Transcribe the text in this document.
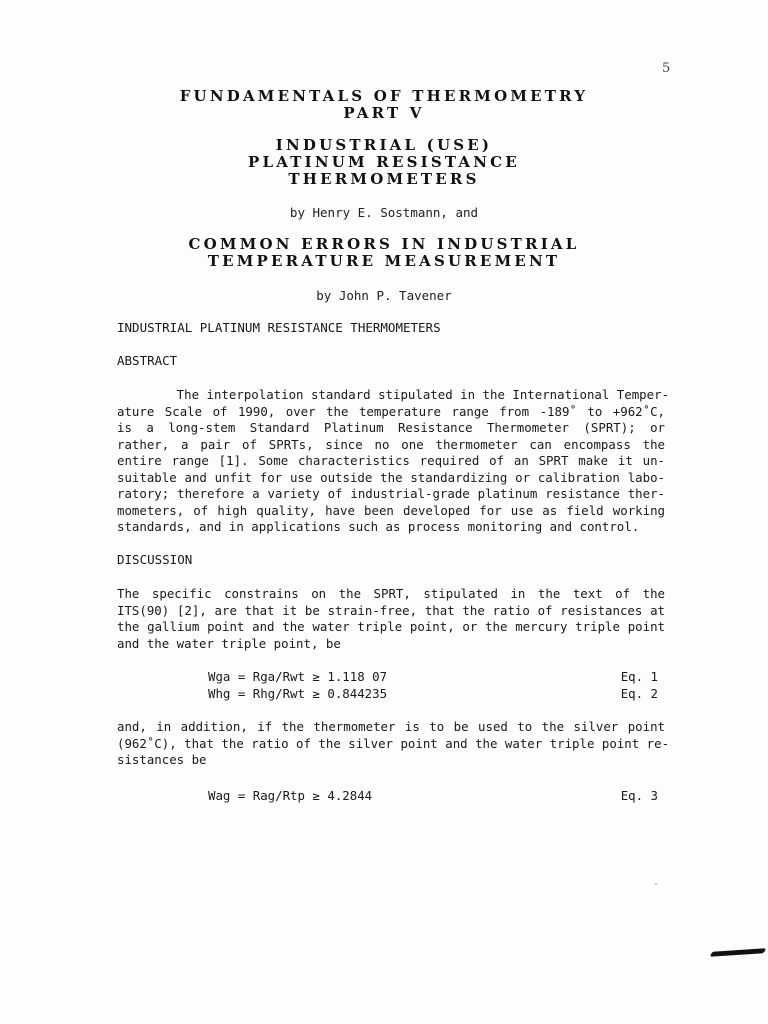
5
FUNDAMENTALS OF THERMOMETRY
PART V
INDUSTRIAL (USE)
PLATINUM RESISTANCE
THERMOMETERS
by Henry E. Sostmann, and
COMMON ERRORS IN INDUSTRIAL
TEMPERATURE MEASUREMENT
by John P. Tavener
INDUSTRIAL PLATINUM RESISTANCE THERMOMETERS
ABSTRACT
The interpolation standard stipulated in the International Temper-
ature Scale of 1990, over the temperature range from -189˚ to +962˚C,
is a long-stem Standard Platinum Resistance Thermometer (SPRT); or
rather, a pair of SPRTs, since no one thermometer can encompass the
entire range [1]. Some characteristics required of an SPRT make it un-
suitable and unfit for use outside the standardizing or calibration labo-
ratory; therefore a variety of industrial-grade platinum resistance ther-
mometers, of high quality, have been developed for use as field working
standards, and in applications such as process monitoring and control.
DISCUSSION
The specific constrains on the SPRT, stipulated in the text of the
ITS(90) [2], are that it be strain-free, that the ratio of resistances at
the gallium point and the water triple point, or the mercury triple point
and the water triple point, be
Wga = Rga/Rwt ≥ 1.118 07	Eq. 1
Whg = Rhg/Rwt ≥ 0.844235	Eq. 2
and, in addition, if the thermometer is to be used to the silver point
(962˚C), that the ratio of the silver point and the water triple point re-
sistances be
Wag = Rag/Rtp ≥ 4.2844	Eq. 3
